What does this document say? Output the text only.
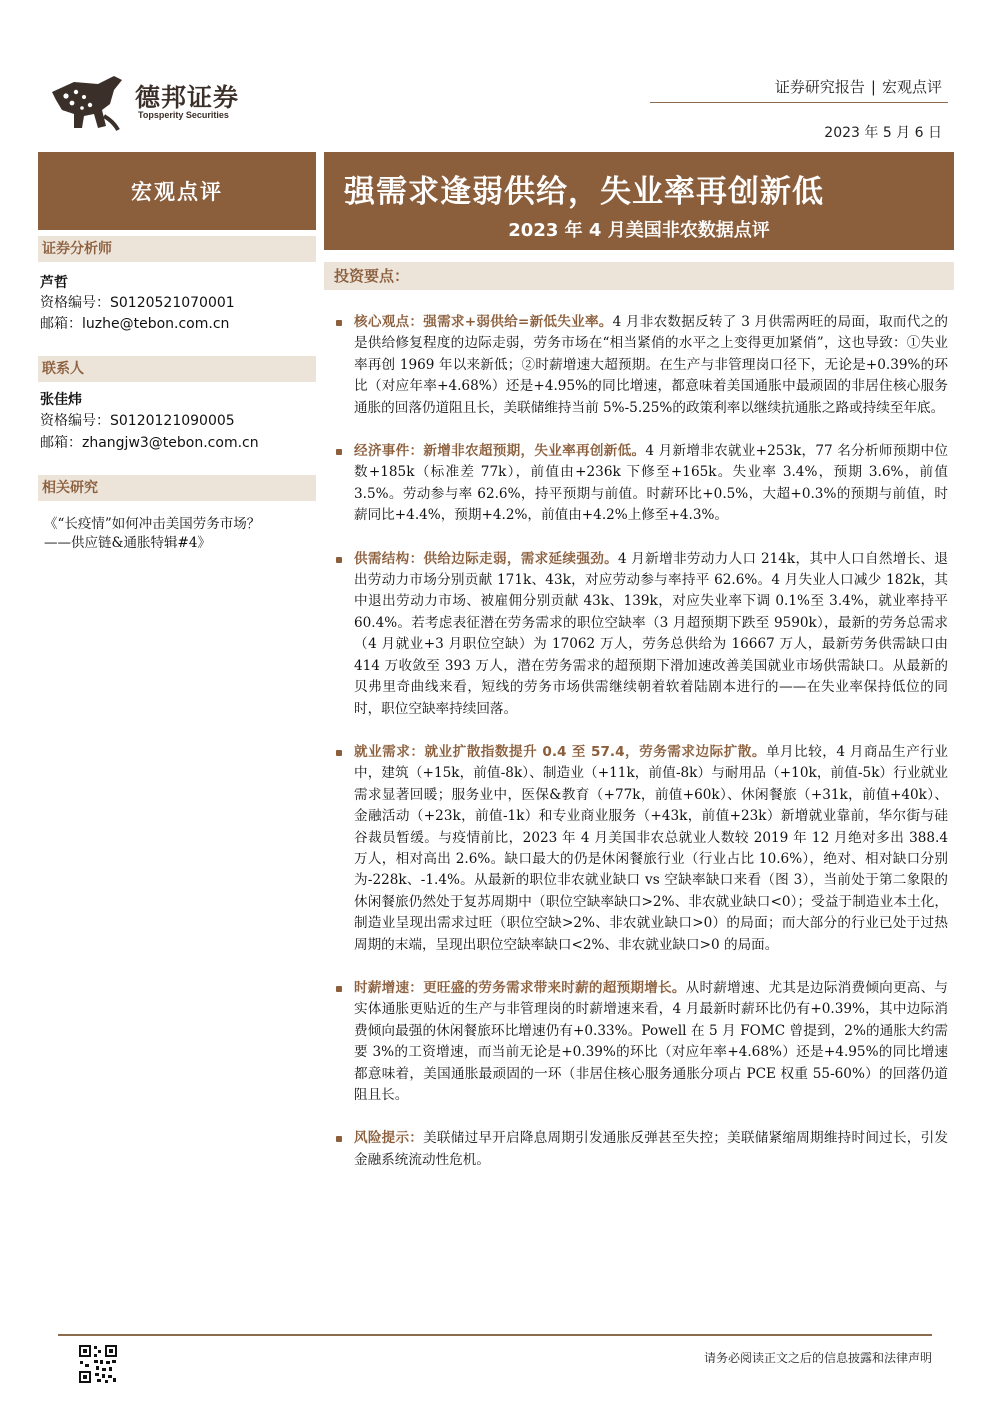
德邦证券
Topsperity Securities
证券研究报告 | 宏观点评
2023 年 5 月 6 日
宏观点评	强需求逢弱供给，失业率再创新低
2023 年 4 月美国非农数据点评
证券分析师
芦哲
资格编号：S0120521070001
邮箱：luzhe@tebon.com.cn
联系人
张佳炜
资格编号：S0120121090005
邮箱：zhangjw3@tebon.com.cn
相关研究
《“长疫情”如何冲击美国劳务市场？
——供应链&通胀特辑#4》
投资要点：
核心观点：强需求+弱供给=新低失业率。4 月非农数据反转了 3 月供需两旺的局面，取而代之的是供给修复程度的边际走弱，劳务市场在“相当紧俏的水平之上变得更加紧俏”，这也导致：①失业率再创 1969 年以来新低；②时薪增速大超预期。在生产与非管理岗口径下，无论是+0.39%的环比（对应年率+4.68%）还是+4.95%的同比增速，都意味着美国通胀中最顽固的非居住核心服务通胀的回落仍道阻且长，美联储维持当前 5%-5.25%的政策利率以继续抗通胀之路或持续至年底。
经济事件：新增非农超预期，失业率再创新低。4 月新增非农就业+253k，77 名分析师预期中位数+185k（标准差 77k），前值由+236k 下修至+165k。失业率 3.4%，预期 3.6%，前值 3.5%。劳动参与率 62.6%，持平预期与前值。时薪环比+0.5%，大超+0.3%的预期与前值，时薪同比+4.4%，预期+4.2%，前值由+4.2%上修至+4.3%。
供需结构：供给边际走弱，需求延续强劲。4 月新增非劳动力人口 214k，其中人口自然增长、退出劳动力市场分别贡献 171k、43k，对应劳动参与率持平 62.6%。4 月失业人口减少 182k，其中退出劳动力市场、被雇佣分别贡献 43k、139k，对应失业率下调 0.1%至 3.4%，就业率持平 60.4%。若考虑表征潜在劳务需求的职位空缺率（3 月超预期下跌至 9590k），最新的劳务总需求（4 月就业+3 月职位空缺）为 17062 万人，劳务总供给为 16667 万人，最新劳务供需缺口由 414 万收敛至 393 万人，潜在劳务需求的超预期下滑加速改善美国就业市场供需缺口。从最新的贝弗里奇曲线来看，短线的劳务市场供需继续朝着软着陆剧本进行的——在失业率保持低位的同时，职位空缺率持续回落。
就业需求：就业扩散指数提升 0.4 至 57.4，劳务需求边际扩散。单月比较，4 月商品生产行业中，建筑（+15k，前值-8k）、制造业（+11k，前值-8k）与耐用品（+10k，前值-5k）行业就业需求显著回暖；服务业中，医保&教育（+77k，前值+60k）、休闲餐旅（+31k，前值+40k）、金融活动（+23k，前值-1k）和专业商业服务（+43k，前值+23k）新增就业靠前，华尔街与硅谷裁员暂缓。与疫情前比，2023 年 4 月美国非农总就业人数较 2019 年 12 月绝对多出 388.4 万人，相对高出 2.6%。缺口最大的仍是休闲餐旅行业（行业占比 10.6%），绝对、相对缺口分别为-228k、-1.4%。从最新的职位非农就业缺口 vs 空缺率缺口来看（图 3），当前处于第二象限的休闲餐旅仍然处于复苏周期中（职位空缺率缺口>2%、非农就业缺口<0）；受益于制造业本土化，制造业呈现出需求过旺（职位空缺>2%、非农就业缺口>0）的局面；而大部分的行业已处于过热周期的末端，呈现出职位空缺率缺口<2%、非农就业缺口>0 的局面。
时薪增速：更旺盛的劳务需求带来时薪的超预期增长。从时薪增速、尤其是边际消费倾向更高、与实体通胀更贴近的生产与非管理岗的时薪增速来看，4 月最新时薪环比仍有+0.39%，其中边际消费倾向最强的休闲餐旅环比增速仍有+0.33%。Powell 在 5 月 FOMC 曾提到，2%的通胀大约需要 3%的工资增速，而当前无论是+0.39%的环比（对应年率+4.68%）还是+4.95%的同比增速都意味着，美国通胀最顽固的一环（非居住核心服务通胀分项占 PCE 权重 55-60%）的回落仍道阻且长。
风险提示：美联储过早开启降息周期引发通胀反弹甚至失控；美联储紧缩周期维持时间过长，引发金融系统流动性危机。
请务必阅读正文之后的信息披露和法律声明
